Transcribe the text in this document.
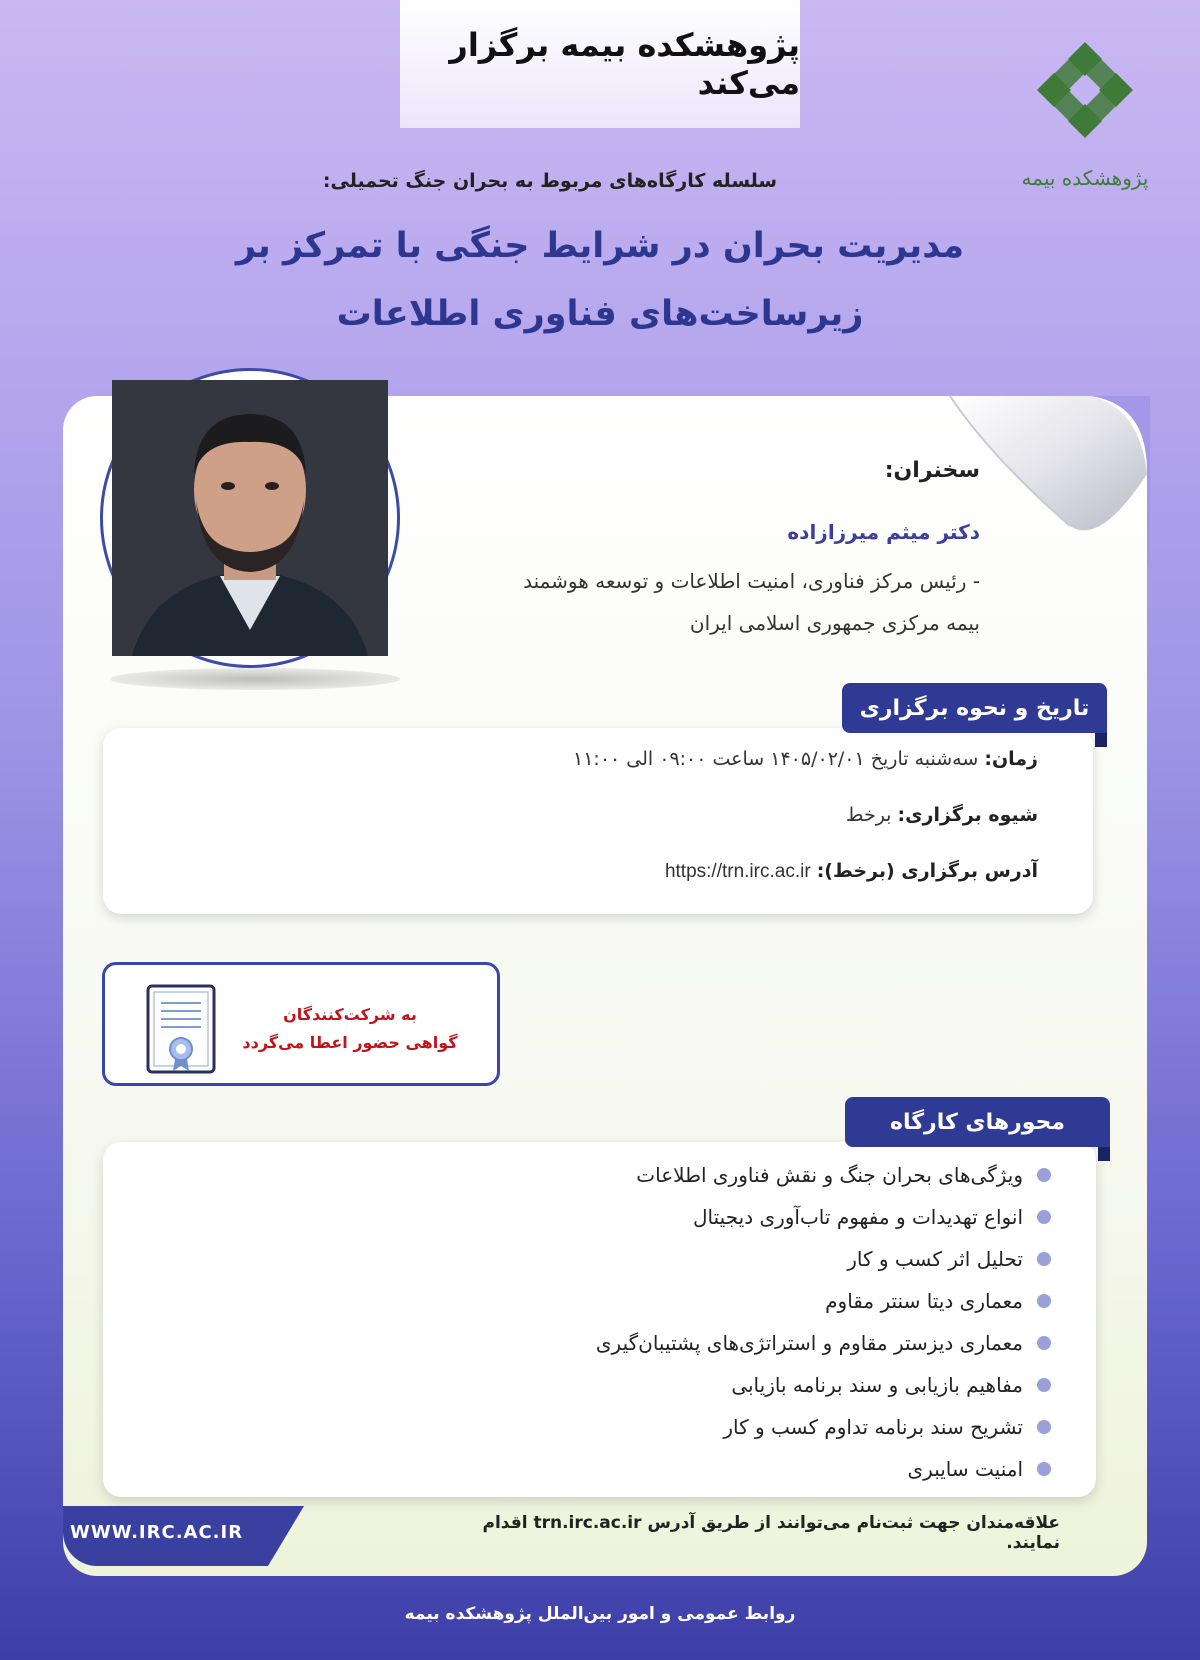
پژوهشکده بیمه برگزار می‌کند
پژوهشکده بیمه
سلسله کارگاه‌های مربوط به بحران جنگ تحمیلی:
مدیریت بحران در شرایط جنگی با تمرکز بر
زیرساخت‌های فناوری اطلاعات
سخنران:
دکتر میثم میرزازاده
- رئیس مرکز فناوری، امنیت اطلاعات و توسعه هوشمند
بیمه مرکزی جمهوری اسلامی ایران
زمان: سه‌شنبه تاریخ ۱۴۰۵/۰۲/۰۱ ساعت ۰۹:۰۰ الی ۱۱:۰۰
شیوه برگزاری: برخط
آدرس برگزاری (برخط): https://trn.irc.ac.ir
تاریخ و نحوه برگزاری
به شرکت‌کنندگان
گواهی حضور اعطا می‌گردد
ویژگی‌های بحران جنگ و نقش فناوری اطلاعات
انواع تهدیدات و مفهوم تاب‌آوری دیجیتال
تحلیل اثر کسب و کار
معماری دیتا سنتر مقاوم
معماری دیزستر مقاوم و استراتژی‌های پشتیبان‌گیری
مفاهیم بازیابی و سند برنامه بازیابی
تشریح سند برنامه تداوم کسب و کار
امنیت سایبری
محورهای کارگاه
علاقه‌مندان جهت ثبت‌نام می‌توانند از طریق آدرس trn.irc.ac.ir اقدام نمایند.
WWW.IRC.AC.IR
روابط عمومی و امور بین‌الملل پژوهشکده بیمه
